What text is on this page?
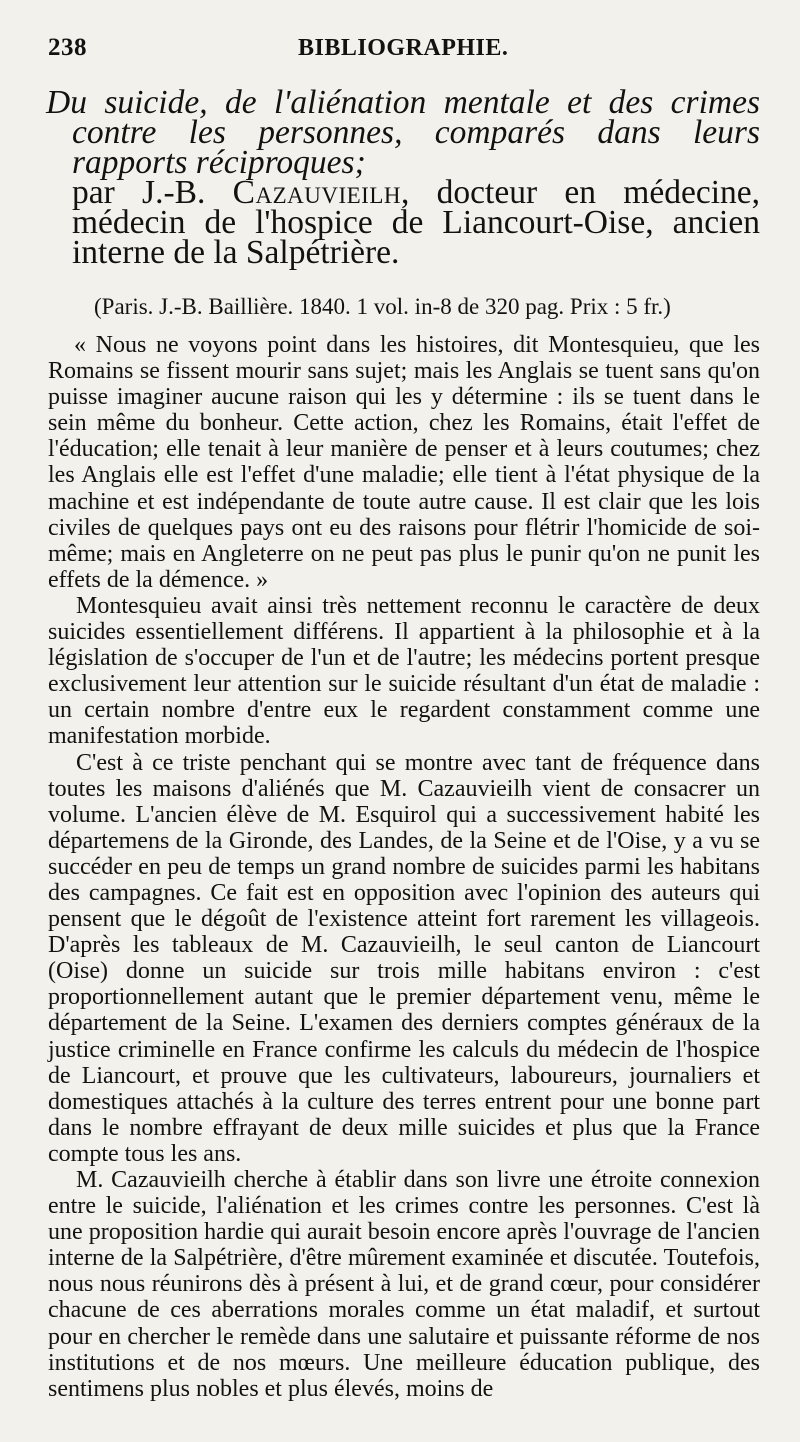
238	BIBLIOGRAPHIE.
Du suicide, de l'aliénation mentale et des crimes contre les personnes, comparés dans leurs rapports réciproques;
par J.-B. Cazauvieilh, docteur en médecine, médecin de l'hospice de Liancourt-Oise, ancien interne de la Salpétrière.
(Paris. J.-B. Baillière. 1840. 1 vol. in-8 de 320 pag. Prix : 5 fr.)

« Nous ne voyons point dans les histoires, dit Montesquieu, que les Romains se fissent mourir sans sujet; mais les Anglais se tuent sans qu'on puisse imaginer aucune raison qui les y détermine : ils se tuent dans le sein même du bonheur. Cette action, chez les Romains, était l'effet de l'éducation; elle tenait à leur manière de penser et à leurs coutumes; chez les Anglais elle est l'effet d'une maladie; elle tient à l'état physique de la machine et est indépendante de toute autre cause. Il est clair que les lois civiles de quelques pays ont eu des raisons pour flétrir l'homicide de soi-même; mais en Angleterre on ne peut pas plus le punir qu'on ne punit les effets de la démence. »

Montesquieu avait ainsi très nettement reconnu le caractère de deux suicides essentiellement différens. Il appartient à la philosophie et à la législation de s'occuper de l'un et de l'autre; les médecins portent presque exclusivement leur attention sur le suicide résultant d'un état de maladie : un certain nombre d'entre eux le regardent constamment comme une manifestation morbide.

C'est à ce triste penchant qui se montre avec tant de fréquence dans toutes les maisons d'aliénés que M. Cazauvieilh vient de consacrer un volume. L'ancien élève de M. Esquirol qui a successivement habité les départemens de la Gironde, des Landes, de la Seine et de l'Oise, y a vu se succéder en peu de temps un grand nombre de suicides parmi les habitans des campagnes. Ce fait est en opposition avec l'opinion des auteurs qui pensent que le dégoût de l'existence atteint fort rarement les villageois. D'après les tableaux de M. Cazauvieilh, le seul canton de Liancourt (Oise) donne un suicide sur trois mille habitans environ : c'est proportionnellement autant que le premier département venu, même le département de la Seine. L'examen des derniers comptes généraux de la justice criminelle en France confirme les calculs du médecin de l'hospice de Liancourt, et prouve que les cultivateurs, laboureurs, journaliers et domestiques attachés à la culture des terres entrent pour une bonne part dans le nombre effrayant de deux mille suicides et plus que la France compte tous les ans.

M. Cazauvieilh cherche à établir dans son livre une étroite connexion entre le suicide, l'aliénation et les crimes contre les personnes. C'est là une proposition hardie qui aurait besoin encore après l'ouvrage de l'ancien interne de la Salpétrière, d'être mûrement examinée et discutée. Toutefois, nous nous réunirons dès à présent à lui, et de grand cœur, pour considérer chacune de ces aberrations morales comme un état maladif, et surtout pour en chercher le remède dans une salutaire et puissante réforme de nos institutions et de nos mœurs. Une meilleure éducation publique, des sentimens plus nobles et plus élevés, moins de
